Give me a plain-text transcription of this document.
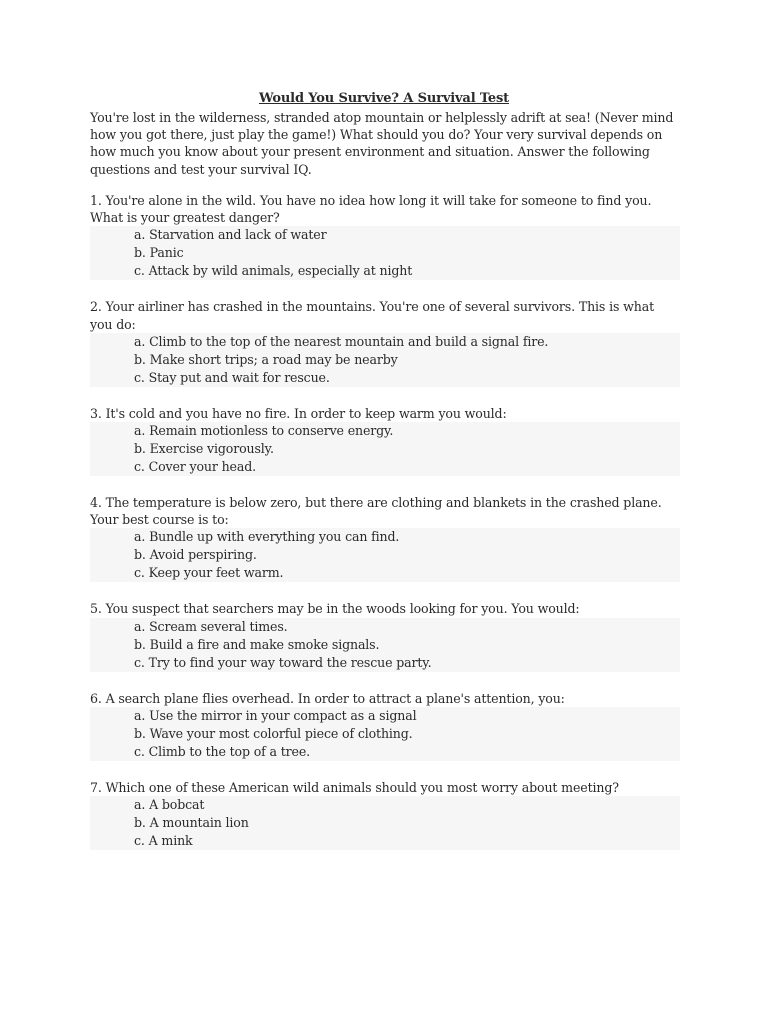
Would You Survive? A Survival Test
You're lost in the wilderness, stranded atop mountain or helplessly adrift at sea! (Never mind how you got there, just play the game!) What should you do? Your very survival depends on how much you know about your present environment and situation. Answer the following questions and test your survival IQ.

1. You're alone in the wild. You have no idea how long it will take for someone to find you. What is your greatest danger?

a. Starvation and lack of water
b. Panic
c. Attack by wild animals, especially at night

2. Your airliner has crashed in the mountains. You're one of several survivors. This is what you do:

a. Climb to the top of the nearest mountain and build a signal fire.
b. Make short trips; a road may be nearby
c. Stay put and wait for rescue.

3. It's cold and you have no fire. In order to keep warm you would:

a. Remain motionless to conserve energy.
b. Exercise vigorously.
c. Cover your head.

4. The temperature is below zero, but there are clothing and blankets in the crashed plane. Your best course is to:

a. Bundle up with everything you can find.
b. Avoid perspiring.
c. Keep your feet warm.

5. You suspect that searchers may be in the woods looking for you. You would:

a. Scream several times.
b. Build a fire and make smoke signals.
c. Try to find your way toward the rescue party.

6. A search plane flies overhead. In order to attract a plane's attention, you:

a. Use the mirror in your compact as a signal
b. Wave your most colorful piece of clothing.
c. Climb to the top of a tree.

7. Which one of these American wild animals should you most worry about meeting?

a. A bobcat
b. A mountain lion
c. A mink
